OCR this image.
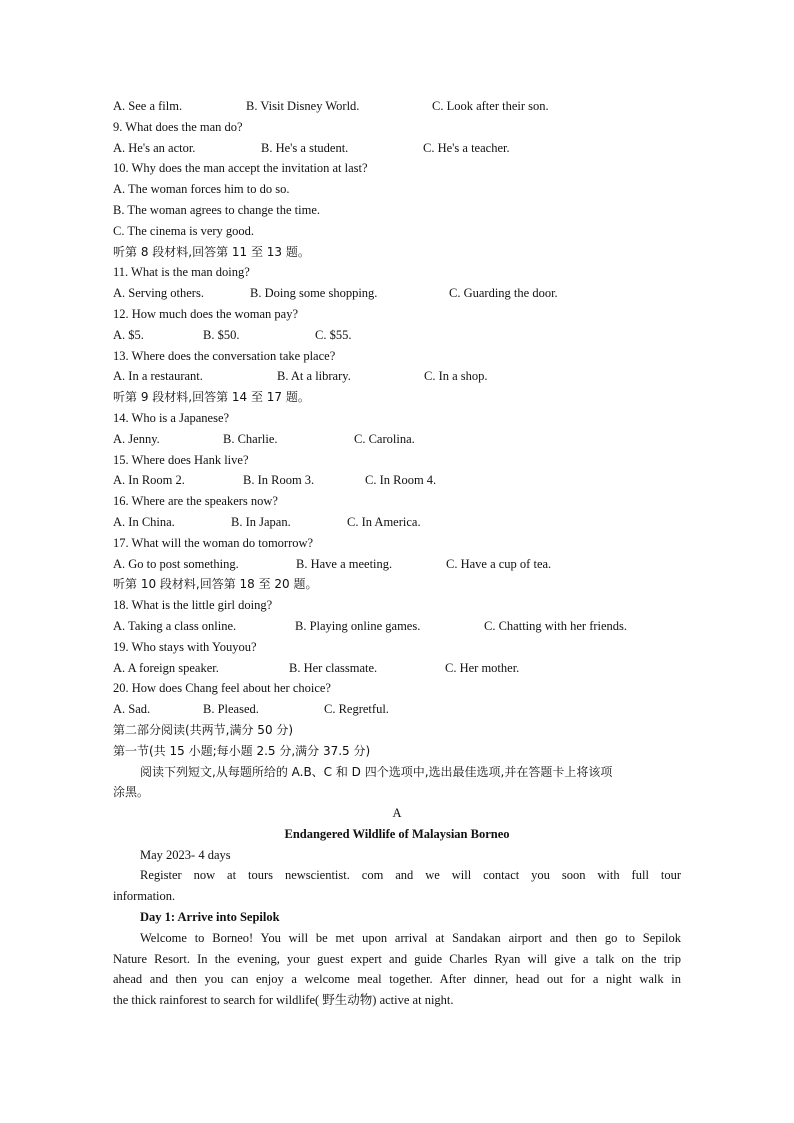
A. See a film.	B. Visit Disney World.	C. Look after their son.
9. What does the man do?
A. He's an actor.	B. He's a student.	C. He's a teacher.
10. Why does the man accept the invitation at last?
A. The woman forces him to do so.
B. The woman agrees to change the time.
C. The cinema is very good.
听第 8 段材料,回答第 11 至 13 题。
11. What is the man doing?
A. Serving others.	B. Doing some shopping.	C. Guarding the door.
12. How much does the woman pay?
A. $5.	B. $50.	C. $55.
13. Where does the conversation take place?
A. In a restaurant.	B. At a library.	C. In a shop.
听第 9 段材料,回答第 14 至 17 题。
14. Who is a Japanese?
A. Jenny.	B. Charlie.	C. Carolina.
15. Where does Hank live?
A. In Room 2.	B. In Room 3.	C. In Room 4.
16. Where are the speakers now?
A. In China.	B. In Japan.	C. In America.
17. What will the woman do tomorrow?
A. Go to post something.	B. Have a meeting.	C. Have a cup of tea.
听第 10 段材料,回答第 18 至 20 题。
18. What is the little girl doing?
A. Taking a class online.	B. Playing online games.	C. Chatting with her friends.
19. Who stays with Youyou?
A. A foreign speaker.	B. Her classmate.	C. Her mother.
20. How does Chang feel about her choice?
A. Sad.	B. Pleased.	C. Regretful.
第二部分阅读(共两节,满分 50 分)
第一节(共 15 小题;每小题 2.5 分,满分 37.5 分)
阅读下列短文,从每题所给的 A.B、C 和 D 四个选项中,选出最佳选项,并在答题卡上将该项
涂黑。
A
Endangered Wildlife of Malaysian Borneo
May 2023- 4 days
Register now at tours newscientist. com and we will contact you soon with full tour
information.
Day 1: Arrive into Sepilok
Welcome to Borneo! You will be met upon arrival at Sandakan airport and then go to Sepilok
Nature Resort. In the evening, your guest expert and guide Charles Ryan will give a talk on the trip
ahead and then you can enjoy a welcome meal together. After dinner, head out for a night walk in
the thick rainforest to search for wildlife( 野生动物) active at night.
